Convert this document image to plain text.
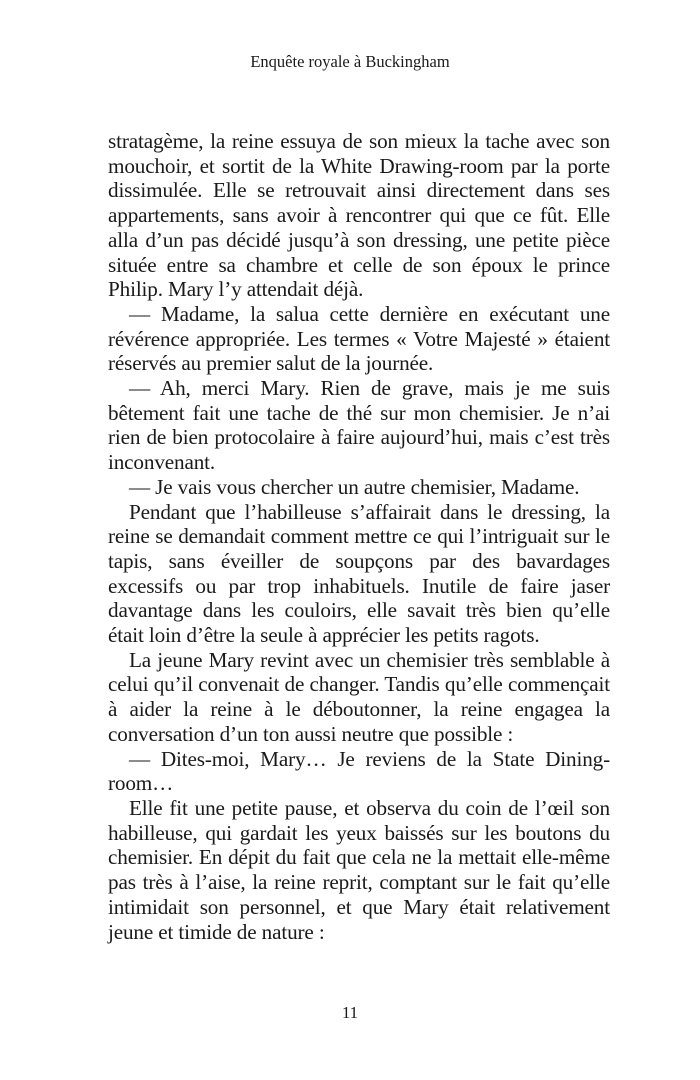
Enquête royale à Buckingham

stratagème, la reine essuya de son mieux la tache avec son mouchoir, et sortit de la White Drawing-room par la porte dissimulée. Elle se retrouvait ainsi directement dans ses appartements, sans avoir à rencontrer qui que ce fût. Elle alla d’un pas décidé jusqu’à son dressing, une petite pièce située entre sa chambre et celle de son époux le prince Philip. Mary l’y attendait déjà.

— Madame, la salua cette dernière en exécutant une révérence appropriée. Les termes « Votre Majesté » étaient réservés au premier salut de la journée.

— Ah, merci Mary. Rien de grave, mais je me suis bêtement fait une tache de thé sur mon chemisier. Je n’ai rien de bien protocolaire à faire aujourd’hui, mais c’est très inconvenant.

— Je vais vous chercher un autre chemisier, Madame.

Pendant que l’habilleuse s’affairait dans le dressing, la reine se demandait comment mettre ce qui l’intriguait sur le tapis, sans éveiller de soupçons par des bavardages excessifs ou par trop inhabituels. Inutile de faire jaser davantage dans les couloirs, elle savait très bien qu’elle était loin d’être la seule à apprécier les petits ragots.

La jeune Mary revint avec un chemisier très semblable à celui qu’il convenait de changer. Tandis qu’elle commençait à aider la reine à le déboutonner, la reine engagea la conversation d’un ton aussi neutre que possible :

— Dites-moi, Mary… Je reviens de la State Dining-room…

Elle fit une petite pause, et observa du coin de l’œil son habilleuse, qui gardait les yeux baissés sur les boutons du chemisier. En dépit du fait que cela ne la mettait elle-même pas très à l’aise, la reine reprit, comptant sur le fait qu’elle intimidait son personnel, et que Mary était relativement jeune et timide de nature :

11
